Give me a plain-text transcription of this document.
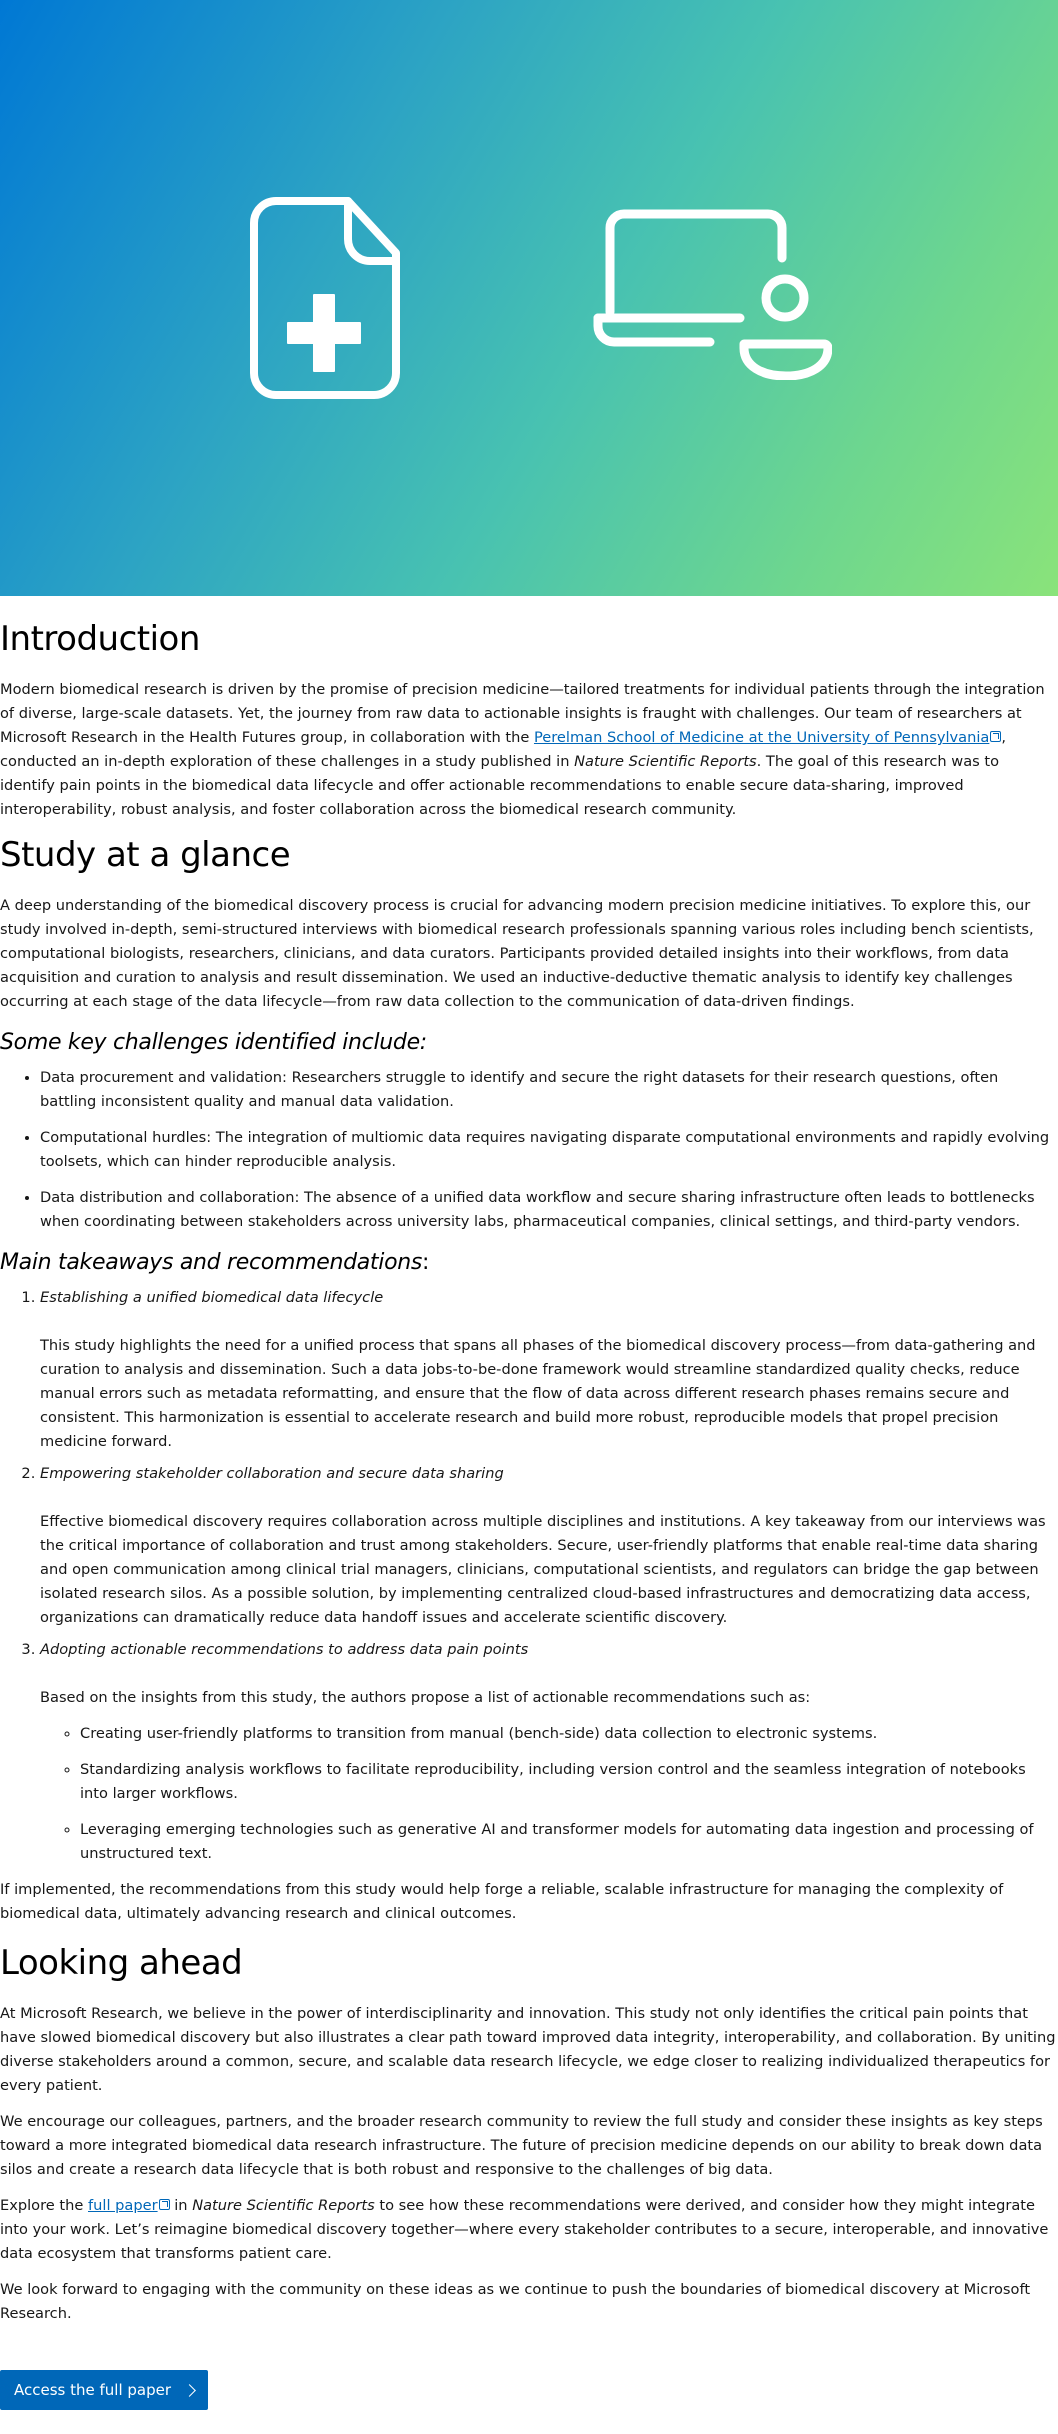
Introduction

Modern biomedical research is driven by the promise of precision medicine—tailored treatments for individual patients through the integration of diverse, large-scale datasets. Yet, the journey from raw data to actionable insights is fraught with challenges. Our team of researchers at Microsoft Research in the Health Futures group, in collaboration with the Perelman School of Medicine at the University of Pennsylvania , conducted an in-depth exploration of these challenges in a study published in Nature Scientific Reports. The goal of this research was to identify pain points in the biomedical data lifecycle and offer actionable recommendations to enable secure data-sharing, improved interoperability, robust analysis, and foster collaboration across the biomedical research community.

Study at a glance

A deep understanding of the biomedical discovery process is crucial for advancing modern precision medicine initiatives. To explore this, our study involved in-depth, semi-structured interviews with biomedical research professionals spanning various roles including bench scientists, computational biologists, researchers, clinicians, and data curators. Participants provided detailed insights into their workflows, from data acquisition and curation to analysis and result dissemination. We used an inductive-deductive thematic analysis to identify key challenges occurring at each stage of the data lifecycle—from raw data collection to the communication of data-driven findings.

Some key challenges identified include:
• Data procurement and validation: Researchers struggle to identify and secure the right datasets for their research questions, often battling inconsistent quality and manual data validation.
• Computational hurdles: The integration of multiomic data requires navigating disparate computational environments and rapidly evolving toolsets, which can hinder reproducible analysis.
• Data distribution and collaboration: The absence of a unified data workflow and secure sharing infrastructure often leads to bottlenecks when coordinating between stakeholders across university labs, pharmaceutical companies, clinical settings, and third-party vendors.
Main takeaways and recommendations:
1. Establishing a unified biomedical data lifecycle
This study highlights the need for a unified process that spans all phases of the biomedical discovery process—from data-gathering and curation to analysis and dissemination. Such a data jobs-to-be-done framework would streamline standardized quality checks, reduce manual errors such as metadata reformatting, and ensure that the flow of data across different research phases remains secure and consistent. This harmonization is essential to accelerate research and build more robust, reproducible models that propel precision medicine forward.
2. Empowering stakeholder collaboration and secure data sharing
Effective biomedical discovery requires collaboration across multiple disciplines and institutions. A key takeaway from our interviews was the critical importance of collaboration and trust among stakeholders. Secure, user-friendly platforms that enable real-time data sharing and open communication among clinical trial managers, clinicians, computational scientists, and regulators can bridge the gap between isolated research silos. As a possible solution, by implementing centralized cloud-based infrastructures and democratizing data access, organizations can dramatically reduce data handoff issues and accelerate scientific discovery.
3. Adopting actionable recommendations to address data pain points
Based on the insights from this study, the authors propose a list of actionable recommendations such as:
◦ Creating user-friendly platforms to transition from manual (bench-side) data collection to electronic systems.
◦ Standardizing analysis workflows to facilitate reproducibility, including version control and the seamless integration of notebooks into larger workflows.
◦ Leveraging emerging technologies such as generative AI and transformer models for automating data ingestion and processing of unstructured text.

If implemented, the recommendations from this study would help forge a reliable, scalable infrastructure for managing the complexity of biomedical data, ultimately advancing research and clinical outcomes.

Looking ahead

At Microsoft Research, we believe in the power of interdisciplinarity and innovation. This study not only identifies the critical pain points that have slowed biomedical discovery but also illustrates a clear path toward improved data integrity, interoperability, and collaboration. By uniting diverse stakeholders around a common, secure, and scalable data research lifecycle, we edge closer to realizing individualized therapeutics for every patient.

We encourage our colleagues, partners, and the broader research community to review the full study and consider these insights as key steps toward a more integrated biomedical data research infrastructure. The future of precision medicine depends on our ability to break down data silos and create a research data lifecycle that is both robust and responsive to the challenges of big data.

Explore the full paper in Nature Scientific Reports to see how these recommendations were derived, and consider how they might integrate into your work. Let’s reimagine biomedical discovery together—where every stakeholder contributes to a secure, interoperable, and innovative data ecosystem that transforms patient care.

We look forward to engaging with the community on these ideas as we continue to push the boundaries of biomedical discovery at Microsoft Research.

Access the full paper
